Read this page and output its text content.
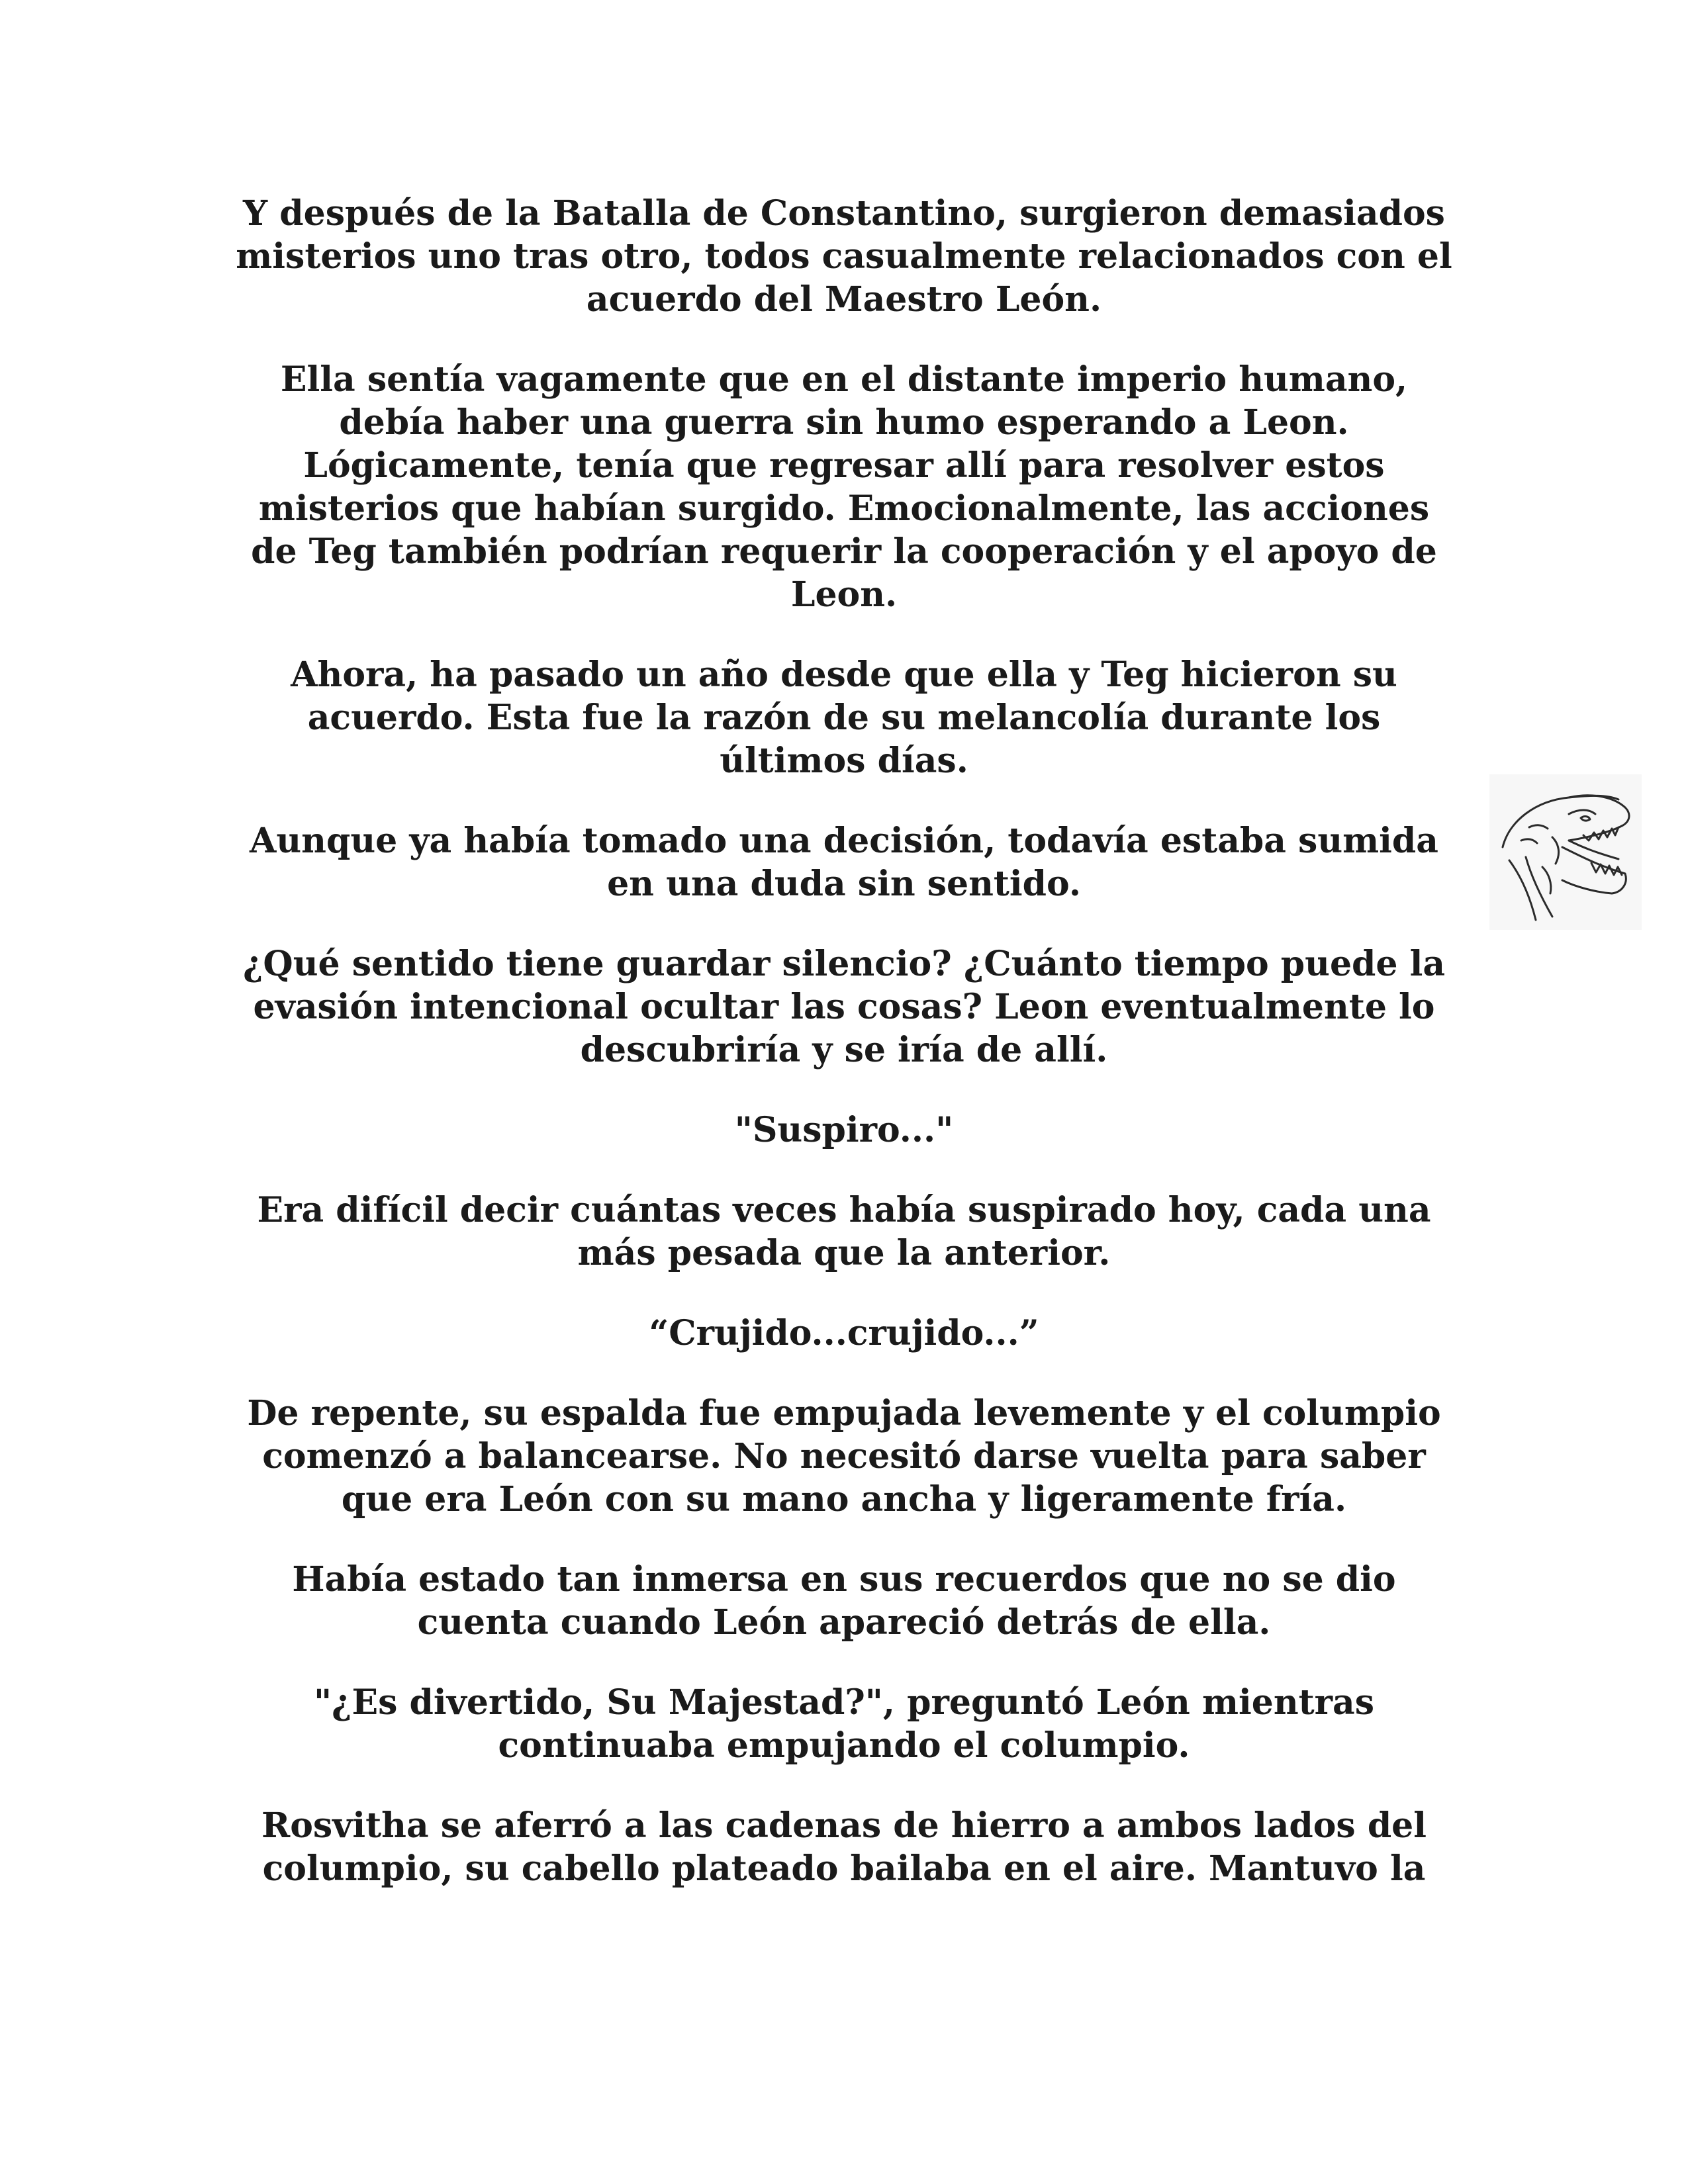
Y después de la Batalla de Constantino, surgieron demasiados
misterios uno tras otro, todos casualmente relacionados con el
acuerdo del Maestro León.

Ella sentía vagamente que en el distante imperio humano,
debía haber una guerra sin humo esperando a Leon.
Lógicamente, tenía que regresar allí para resolver estos
misterios que habían surgido. Emocionalmente, las acciones
de Teg también podrían requerir la cooperación y el apoyo de
Leon.

Ahora, ha pasado un año desde que ella y Teg hicieron su
acuerdo. Esta fue la razón de su melancolía durante los
últimos días.

Aunque ya había tomado una decisión, todavía estaba sumida
en una duda sin sentido.

¿Qué sentido tiene guardar silencio? ¿Cuánto tiempo puede la
evasión intencional ocultar las cosas? Leon eventualmente lo
descubriría y se iría de allí.

"Suspiro..."

Era difícil decir cuántas veces había suspirado hoy, cada una
más pesada que la anterior.

“Crujido...crujido...”

De repente, su espalda fue empujada levemente y el columpio
comenzó a balancearse. No necesitó darse vuelta para saber
que era León con su mano ancha y ligeramente fría.

Había estado tan inmersa en sus recuerdos que no se dio
cuenta cuando León apareció detrás de ella.

"¿Es divertido, Su Majestad?", preguntó León mientras
continuaba empujando el columpio.

Rosvitha se aferró a las cadenas de hierro a ambos lados del
columpio, su cabello plateado bailaba en el aire. Mantuvo la
